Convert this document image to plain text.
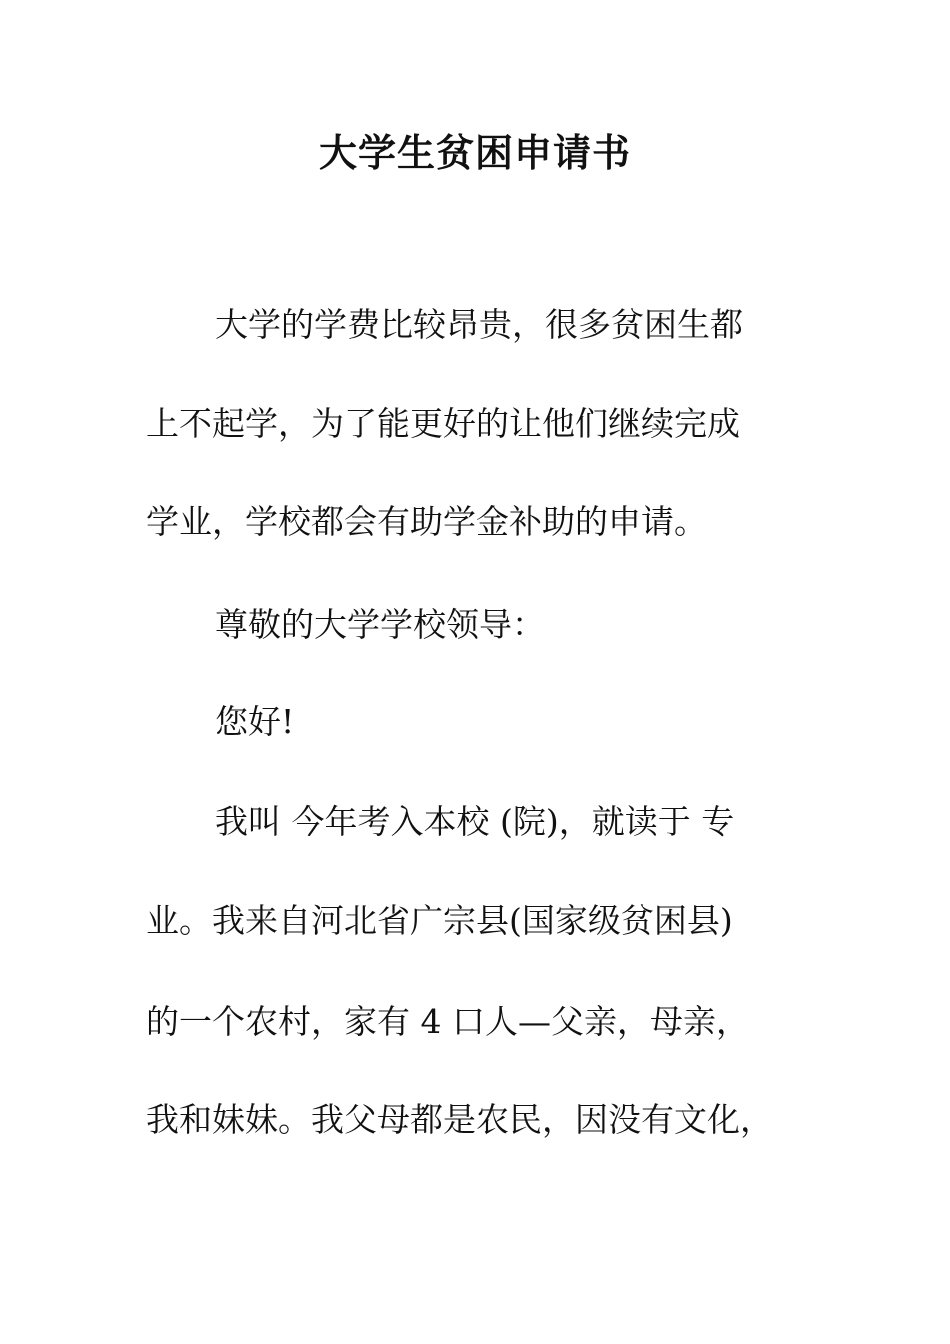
大学生贫困申请书
大学的学费比较昂贵，很多贫困生都
上不起学，为了能更好的让他们继续完成
学业，学校都会有助学金补助的申请。
尊敬的大学学校领导：
您好!
我叫 今年考入本校 (院)，就读于 专
业。我来自河北省广宗县(国家级贫困县)
的一个农村，家有 4 口人—父亲，母亲，
我和妹妹。我父母都是农民，因没有文化，
